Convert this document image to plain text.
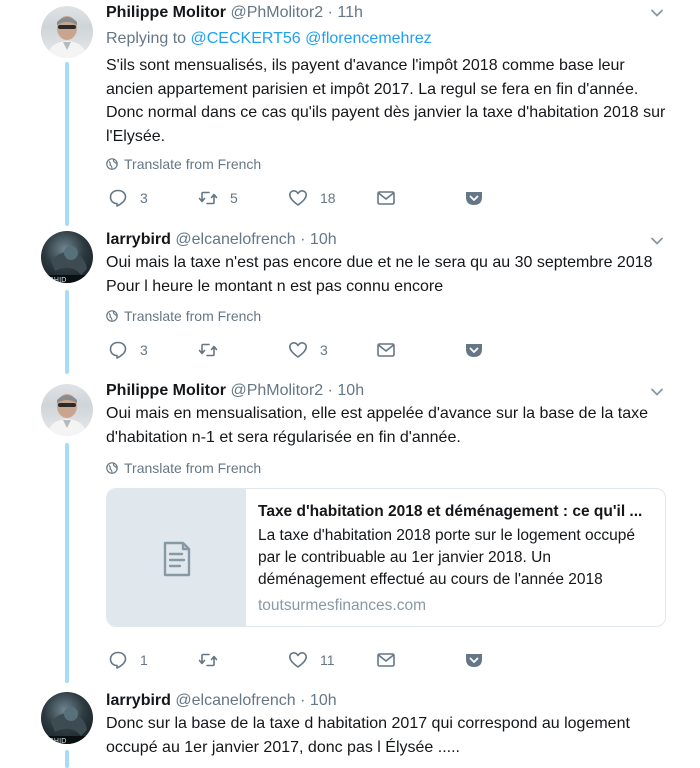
Philippe Molitor @PhMolitor2 · 11h
Replying to @CECKERT56 @florencemehrez
S'ils sont mensualisés, ils payent d'avance l'impôt 2018 comme base leur ancien appartement parisien et impôt 2017. La regul se fera en fin d'année. Donc normal dans ce cas qu'ils payent dès janvier la taxe d'habitation 2018 sur l'Elysée.
Translate from French
3	5	18
BHID
larrybird @elcanelofrench · 10h
Oui mais la taxe n'est pas encore due et ne le sera qu au 30 septembre 2018 Pour l heure le montant n est pas connu encore
Translate from French
3	3
Philippe Molitor @PhMolitor2 · 10h
Oui mais en mensualisation, elle est appelée d'avance sur la base de la taxe d'habitation n-1 et sera régularisée en fin d'année.
Translate from French
Taxe d'habitation 2018 et déménagement : ce qu'il ...
La taxe d'habitation 2018 porte sur le logement occupé par le contribuable au 1er janvier 2018. Un déménagement effectué au cours de l'année 2018
toutsurmesfinances.com
1	11
BHID
larrybird @elcanelofrench · 10h
Donc sur la base de la taxe d habitation 2017 qui correspond au logement occupé au 1er janvier 2017, donc pas l Élysée .....
